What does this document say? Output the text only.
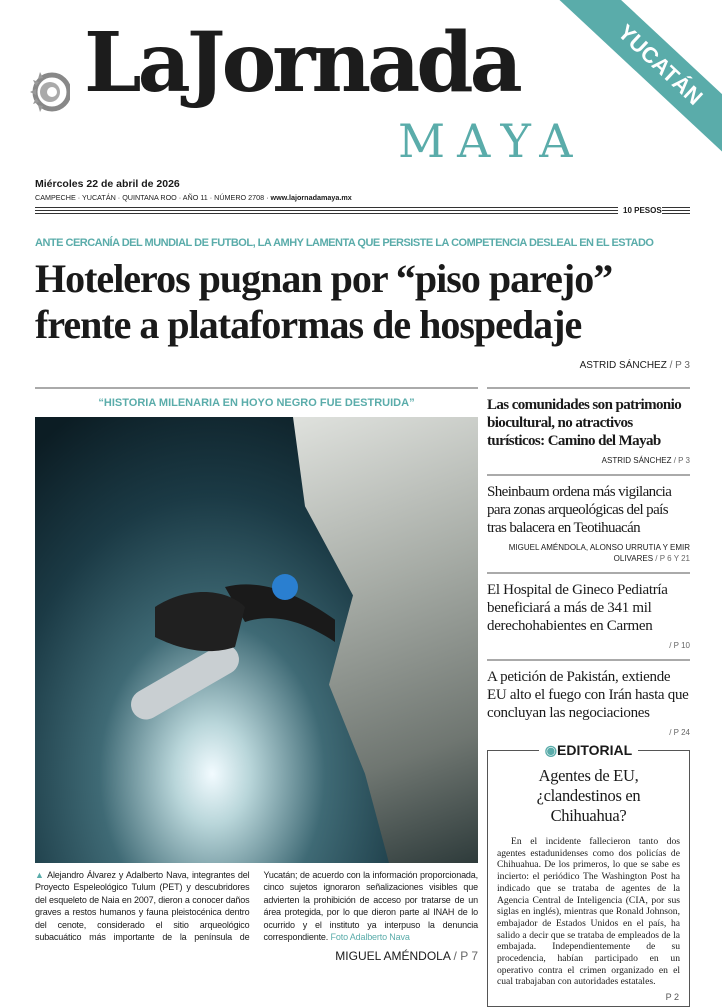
LaJornada
MAYA
YUCATÁN
Miércoles 22 de abril de 2026
CAMPECHE · YUCATÁN · QUINTANA ROO · AÑO 11 · NÚMERO 2708 · www.lajornadamaya.mx
10 PESOS
ANTE CERCANÍA DEL MUNDIAL DE FUTBOL, LA AMHY LAMENTA QUE PERSISTE LA COMPETENCIA DESLEAL EN EL ESTADO
Hoteleros pugnan por “piso parejo”
frente a plataformas de hospedaje
ASTRID SÁNCHEZ / P 3
“HISTORIA MILENARIA EN HOYO NEGRO FUE DESTRUIDA”
▲ Alejandro Álvarez y Adalberto Nava, integrantes del Proyecto Espeleológico Tulum (PET) y descubridores del esqueleto de Naia en 2007, dieron a conocer daños graves a restos humanos y fauna pleistocénica dentro del cenote, considerado el sitio arqueológico subacuático más importante de la península de Yucatán; de acuerdo con la información proporcionada, cinco sujetos ignoraron señalizaciones visibles que advierten la prohibición de acceso por tratarse de un área protegida, por lo que dieron parte al INAH de lo ocurrido y el instituto ya interpuso la denuncia correspondiente. Foto Adalberto Nava
MIGUEL AMÉNDOLA / P 7
Las comunidades son patrimonio biocultural, no atractivos turísticos: Camino del Mayab
ASTRID SÁNCHEZ / P 3
Sheinbaum ordena más vigilancia para zonas arqueológicas del país tras balacera en Teotihuacán
MIGUEL AMÉNDOLA, ALONSO URRUTIA Y EMIR OLIVARES / P 6 Y 21
El Hospital de Gineco Pediatría beneficiará a más de 341 mil derechohabientes en Carmen
/ P 10
A petición de Pakistán, extiende EU alto el fuego con Irán hasta que concluyan las negociaciones
/ P 24
◉EDITORIAL
Agentes de EU, ¿clandestinos en Chihuahua?
En el incidente fallecieron tanto dos agentes estadunidenses como dos policías de Chihuahua. De los primeros, lo que se sabe es incierto: el periódico The Washington Post ha indicado que se trataba de agentes de la Agencia Central de Inteligencia (CIA, por sus siglas en inglés), mientras que Ronald Johnson, embajador de Estados Unidos en el país, ha salido a decir que se trataba de empleados de la embajada. Independientemente de su procedencia, habían participado en un operativo contra el crimen organizado en el cual trabajaban con autoridades estatales.
P 2
